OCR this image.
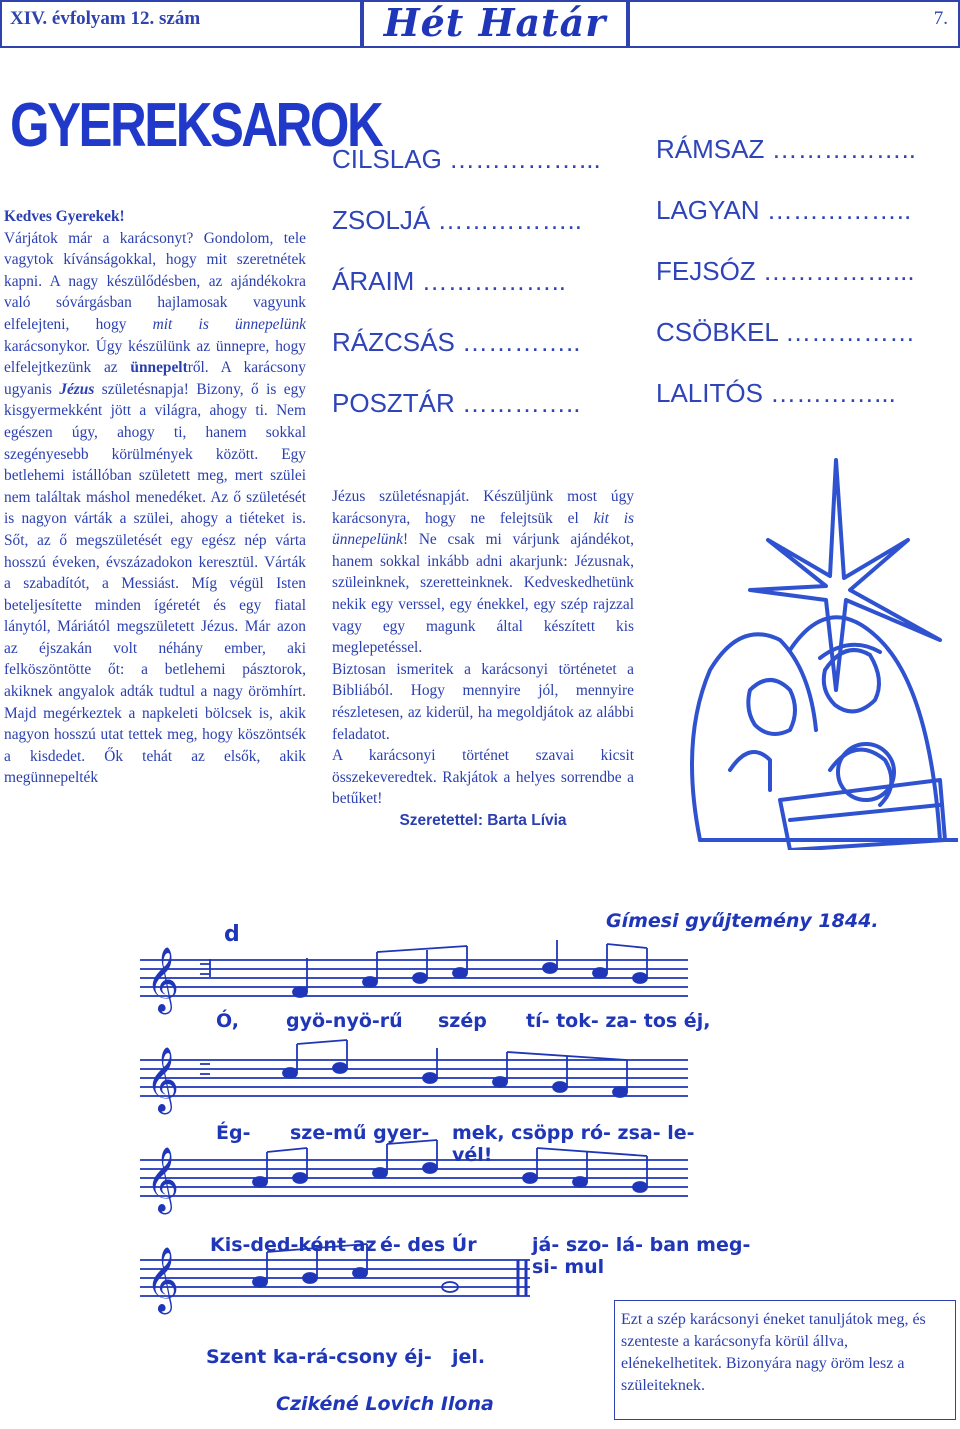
XIV. évfolyam 12. szám	Hét Határ	7.
GYEREKSAROK

Kedves Gyerekek!

Várjátok már a karácsonyt? Gondolom, tele vagytok kívánságokkal, hogy mit szeretnétek kapni. A nagy készülődésben, az ajándékokra való sóvárgásban hajlamosak vagyunk elfelejteni, hogy mit is ünnepelünk karácsonykor. Úgy készülünk az ünnepre, hogy elfelejtkezünk az ünnepeltről. A karácsony ugyanis Jézus születésnapja! Bizony, ő is egy kisgyermekként jött a világra, ahogy ti. Nem egészen úgy, ahogy ti, hanem sokkal szegényesebb körülmények között. Egy betlehemi istállóban született meg, mert szülei nem találtak máshol menedéket. Az ő születését is nagyon várták a szülei, ahogy a tiéteket is. Sőt, az ő megszületését egy egész nép várta hosszú éveken, évszázadokon keresztül. Várták a szabadítót, a Messiást. Míg végül Isten beteljesítette minden ígéretét és egy fiatal lánytól, Máriától megszületett Jézus. Már azon az éjszakán volt néhány ember, aki felköszöntötte őt: a betlehemi pásztorok, akiknek angyalok adták tudtul a nagy örömhírt. Majd megérkeztek a napkeleti bölcsek is, akik nagyon hosszú utat tettek meg, hogy köszöntsék a kisdedet. Ők tehát az elsők, akik megünnepelték

CILSLAG ……………...
ZSOLJÁ ……………..
ÁRAIM ……………..
RÁZCSÁS …………..
POSZTÁR …………..
RÁMSAZ ……………..
LAGYAN ……………..
FEJSÓZ ……………...
CSÖBKEL ……………
LALITÓS …………...

Jézus születésnapját. Készüljünk most úgy karácsonyra, hogy ne felejtsük el kit is ünnepelünk! Ne csak mi várjunk ajándékot, hanem sokkal inkább adni akarjunk: Jézusnak, szüleinknek, szeretteinknek. Kedveskedhetünk nekik egy verssel, egy énekkel, egy szép rajzzal vagy egy magunk által készített kis meglepetéssel.

Biztosan ismeritek a karácsonyi történetet a Bibliából. Hogy mennyire jól, mennyire részletesen, az kiderül, ha megoldjátok az alábbi feladatot.

A karácsonyi történet szavai kicsit összekeveredtek. Rakjátok a helyes sorrendbe a betűket!

Szeretettel: Barta Lívia

Gímesi gyűjtemény 1844.
d
𝄞
𝄞
𝄞
𝄞
Ó, gyö-nyö-rű szép tí- tok- za- tos éj,
Ég- sze-mű gyer- mek, csöpp ró- zsa- le- vél!
Kis-ded-ként az é- des Úr	já- szo- lá- ban meg-si- mul
Szent ka-rá-csony éj- jel.
Czikéné Lovich Ilona
Ezt a szép karácsonyi éneket tanuljátok meg, és szenteste a karácsonyfa körül állva, elénekelhetitek. Bizonyára nagy öröm lesz a szüleiteknek.
